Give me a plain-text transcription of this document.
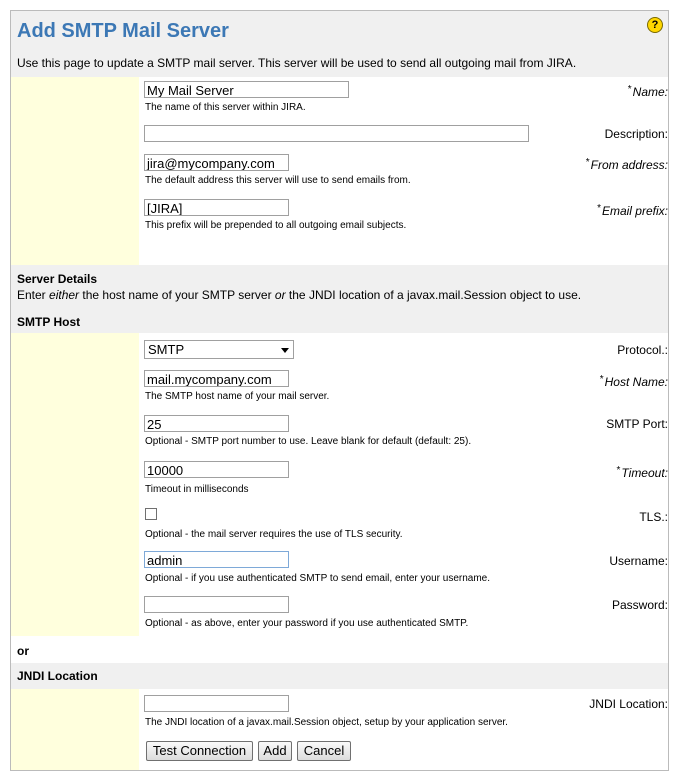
Add SMTP Mail Server	?
Use this page to update a SMTP mail server. This server will be used to send all outgoing mail from JIRA.
*Name:
My Mail Server
The name of this server within JIRA.
Description:
*From address:
jira@mycompany.com
The default address this server will use to send emails from.
*Email prefix:
[JIRA]
This prefix will be prepended to all outgoing email subjects.
Server Details
Enter either the host name of your SMTP server or the JNDI location of a javax.mail.Session object to use.
SMTP Host
Protocol.:
SMTP
*Host Name:
mail.mycompany.com
The SMTP host name of your mail server.
SMTP Port:
25
Optional - SMTP port number to use. Leave blank for default (default: 25).
*Timeout:
10000
Timeout in milliseconds
TLS.:
Optional - the mail server requires the use of TLS security.
Username:
admin
Optional - if you use authenticated SMTP to send email, enter your username.
Password:
Optional - as above, enter your password if you use authenticated SMTP.
or
JNDI Location
JNDI Location:
The JNDI location of a javax.mail.Session object, setup by your application server.
Test Connection	Add	Cancel
